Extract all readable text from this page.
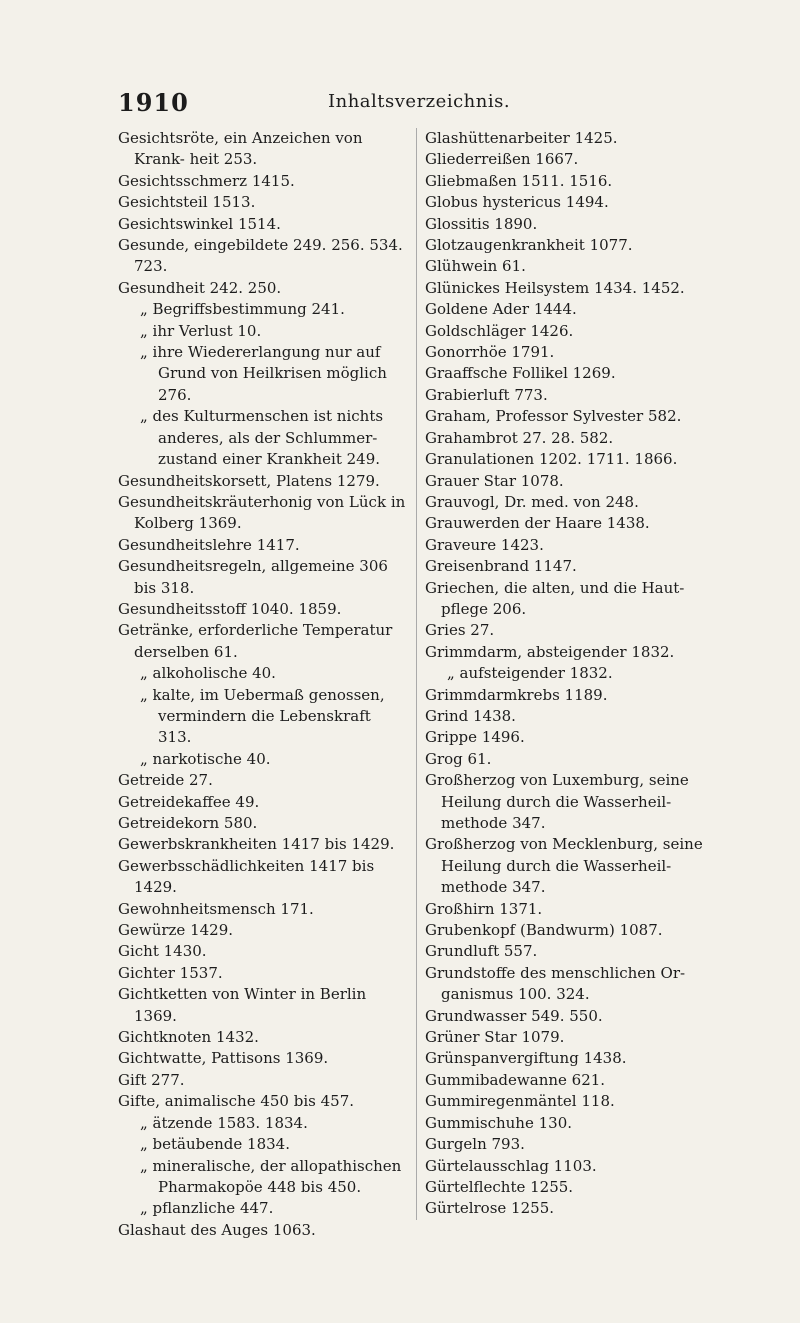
1910	Inhaltsverzeichnis.

Gesichtsröte, ein Anzeichen von Krank- heit 253.

Gesichtsschmerz 1415.

Gesichtsteil 1513.

Gesichtswinkel 1514.

Gesunde, eingebildete 249. 256. 534. 723.

Gesundheit 242. 250.

„ Begriffsbestimmung 241.

„ ihr Verlust 10.

„ ihre Wiedererlangung nur auf Grund von Heilkrisen möglich 276.

„ des Kulturmenschen ist nichts anderes, als der Schlummer- zustand einer Krankheit 249.

Gesundheitskorsett, Platens 1279.

Gesundheitskräuterhonig von Lück in Kolberg 1369.

Gesundheitslehre 1417.

Gesundheitsregeln, allgemeine 306 bis 318.

Gesundheitsstoff 1040. 1859.

Getränke, erforderliche Temperatur derselben 61.

„ alkoholische 40.

„ kalte, im Uebermaß genossen, vermindern die Lebenskraft 313.

„ narkotische 40.

Getreide 27.

Getreidekaffee 49.

Getreidekorn 580.

Gewerbskrankheiten 1417 bis 1429.

Gewerbsschädlichkeiten 1417 bis 1429.

Gewohnheitsmensch 171.

Gewürze 1429.

Gicht 1430.

Gichter 1537.

Gichtketten von Winter in Berlin 1369.

Gichtknoten 1432.

Gichtwatte, Pattisons 1369.

Gift 277.

Gifte, animalische 450 bis 457.

„ ätzende 1583. 1834.

„ betäubende 1834.

„ mineralische, der allopathischen Pharmakopöe 448 bis 450.

„ pflanzliche 447.

Glashaut des Auges 1063.

Glashüttenarbeiter 1425.

Gliederreißen 1667.

Gliebmaßen 1511. 1516.

Globus hystericus 1494.

Glossitis 1890.

Glotzaugenkrankheit 1077.

Glühwein 61.

Glünickes Heilsystem 1434. 1452.

Goldene Ader 1444.

Goldschläger 1426.

Gonorrhöe 1791.

Graaffsche Follikel 1269.

Grabierluft 773.

Graham, Professor Sylvester 582.

Grahambrot 27. 28. 582.

Granulationen 1202. 1711. 1866.

Grauer Star 1078.

Grauvogl, Dr. med. von 248.

Grauwerden der Haare 1438.

Graveure 1423.

Greisenbrand 1147.

Griechen, die alten, und die Haut- pflege 206.

Gries 27.

Grimmdarm, absteigender 1832.

„ aufsteigender 1832.

Grimmdarmkrebs 1189.

Grind 1438.

Grippe 1496.

Grog 61.

Großherzog von Luxemburg, seine Heilung durch die Wasserheil- methode 347.

Großherzog von Mecklenburg, seine Heilung durch die Wasserheil- methode 347.

Großhirn 1371.

Grubenkopf (Bandwurm) 1087.

Grundluft 557.

Grundstoffe des menschlichen Or- ganismus 100. 324.

Grundwasser 549. 550.

Grüner Star 1079.

Grünspanvergiftung 1438.

Gummibadewanne 621.

Gummiregenmäntel 118.

Gummischuhe 130.

Gurgeln 793.

Gürtelausschlag 1103.

Gürtelflechte 1255.

Gürtelrose 1255.
